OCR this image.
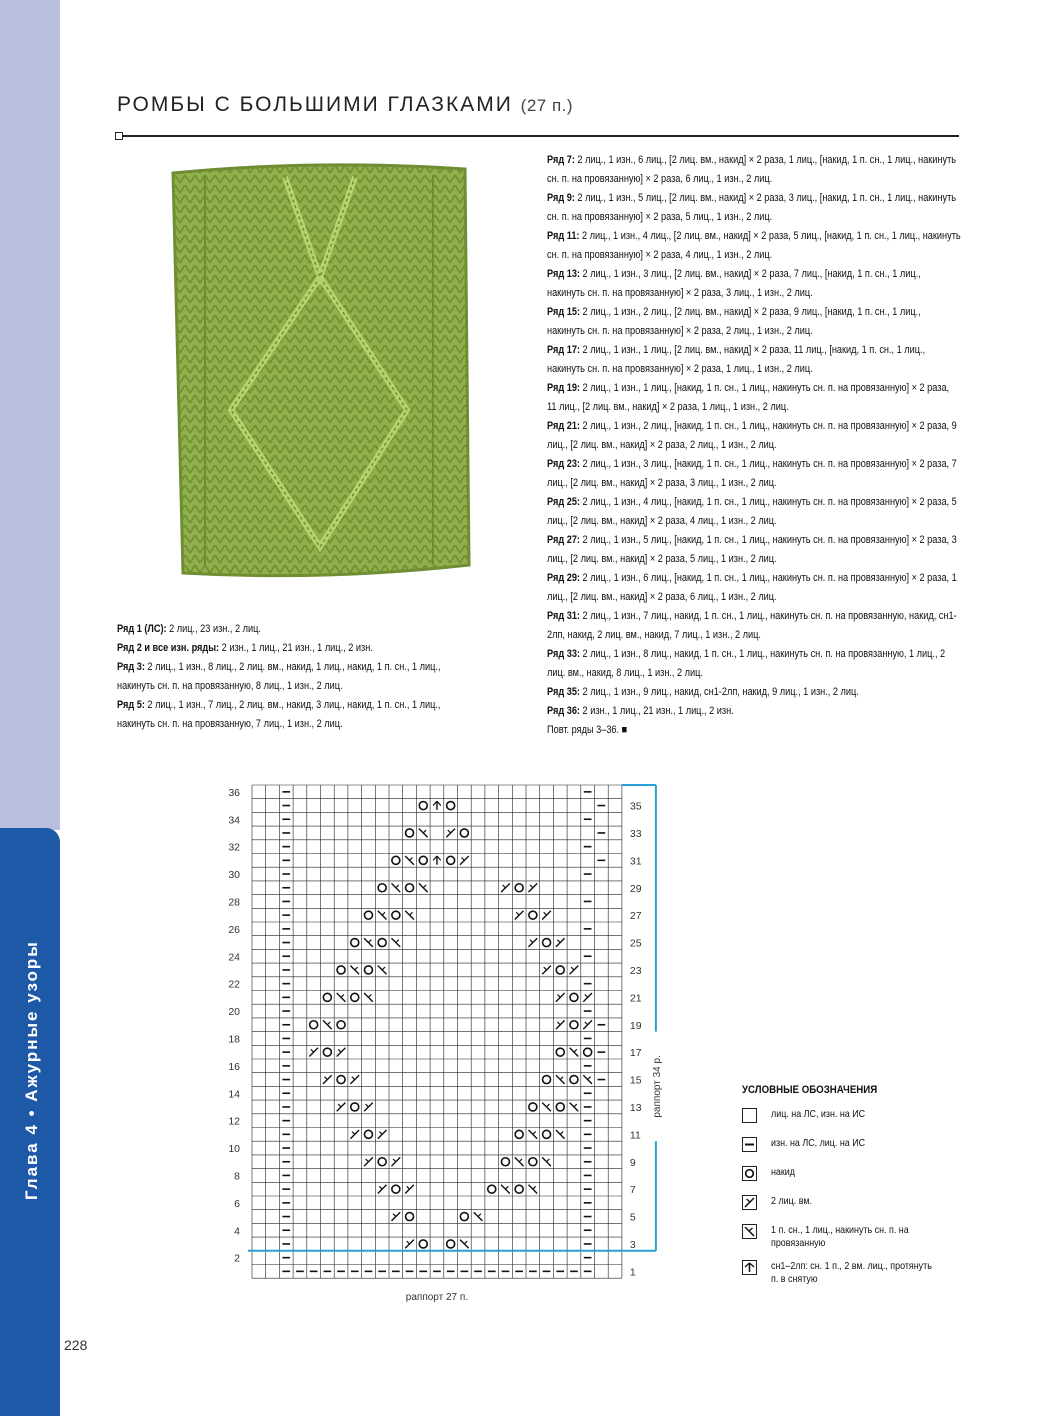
Глава 4 • Ажурные узоры
228
РОМБЫ С БОЛЬШИМИ ГЛАЗКАМИ (27 п.)
Ряд 1 (ЛС): 2 лиц., 23 изн., 2 лиц.
Ряд 2 и все изн. ряды: 2 изн., 1 лиц., 21 изн., 1 лиц., 2 изн.
Ряд 3: 2 лиц., 1 изн., 8 лиц., 2 лиц. вм., накид, 1 лиц., накид, 1 п. сн., 1 лиц., накинуть сн. п. на провязанную, 8 лиц., 1 изн., 2 лиц.
Ряд 5: 2 лиц., 1 изн., 7 лиц., 2 лиц. вм., накид, 3 лиц., накид, 1 п. сн., 1 лиц., накинуть сн. п. на провязанную, 7 лиц., 1 изн., 2 лиц.
Ряд 7: 2 лиц., 1 изн., 6 лиц., [2 лиц. вм., накид] × 2 раза, 1 лиц., [накид, 1 п. сн., 1 лиц., накинуть сн. п. на провязанную] × 2 раза, 6 лиц., 1 изн., 2 лиц.
Ряд 9: 2 лиц., 1 изн., 5 лиц., [2 лиц. вм., накид] × 2 раза, 3 лиц., [накид, 1 п. сн., 1 лиц., накинуть сн. п. на провязанную] × 2 раза, 5 лиц., 1 изн., 2 лиц.
Ряд 11: 2 лиц., 1 изн., 4 лиц., [2 лиц. вм., накид] × 2 раза, 5 лиц., [накид, 1 п. сн., 1 лиц., накинуть сн. п. на провязанную] × 2 раза, 4 лиц., 1 изн., 2 лиц.
Ряд 13: 2 лиц., 1 изн., 3 лиц., [2 лиц. вм., накид] × 2 раза, 7 лиц., [накид, 1 п. сн., 1 лиц., накинуть сн. п. на провязанную] × 2 раза, 3 лиц., 1 изн., 2 лиц.
Ряд 15: 2 лиц., 1 изн., 2 лиц., [2 лиц. вм., накид] × 2 раза, 9 лиц., [накид, 1 п. сн., 1 лиц., накинуть сн. п. на провязанную] × 2 раза, 2 лиц., 1 изн., 2 лиц.
Ряд 17: 2 лиц., 1 изн., 1 лиц., [2 лиц. вм., накид] × 2 раза, 11 лиц., [накид, 1 п. сн., 1 лиц., накинуть сн. п. на провязанную] × 2 раза, 1 лиц., 1 изн., 2 лиц.
Ряд 19: 2 лиц., 1 изн., 1 лиц., [накид, 1 п. сн., 1 лиц., накинуть сн. п. на провязанную] × 2 раза, 11 лиц., [2 лиц. вм., накид] × 2 раза, 1 лиц., 1 изн., 2 лиц.
Ряд 21: 2 лиц., 1 изн., 2 лиц., [накид, 1 п. сн., 1 лиц., накинуть сн. п. на провязанную] × 2 раза, 9 лиц., [2 лиц. вм., накид] × 2 раза, 2 лиц., 1 изн., 2 лиц.
Ряд 23: 2 лиц., 1 изн., 3 лиц., [накид, 1 п. сн., 1 лиц., накинуть сн. п. на провязанную] × 2 раза, 7 лиц., [2 лиц. вм., накид] × 2 раза, 3 лиц., 1 изн., 2 лиц.
Ряд 25: 2 лиц., 1 изн., 4 лиц., [накид, 1 п. сн., 1 лиц., накинуть сн. п. на провязанную] × 2 раза, 5 лиц., [2 лиц. вм., накид] × 2 раза, 4 лиц., 1 изн., 2 лиц.
Ряд 27: 2 лиц., 1 изн., 5 лиц., [накид, 1 п. сн., 1 лиц., накинуть сн. п. на провязанную] × 2 раза, 3 лиц., [2 лиц. вм., накид] × 2 раза, 5 лиц., 1 изн., 2 лиц.
Ряд 29: 2 лиц., 1 изн., 6 лиц., [накид, 1 п. сн., 1 лиц., накинуть сн. п. на провязанную] × 2 раза, 1 лиц., [2 лиц. вм., накид] × 2 раза, 6 лиц., 1 изн., 2 лиц.
Ряд 31: 2 лиц., 1 изн., 7 лиц., накид, 1 п. сн., 1 лиц., накинуть сн. п. на провязанную, накид, сн1-2лп, накид, 2 лиц. вм., накид, 7 лиц., 1 изн., 2 лиц.
Ряд 33: 2 лиц., 1 изн., 8 лиц., накид, 1 п. сн., 1 лиц., накинуть сн. п. на провязанную, 1 лиц., 2 лиц. вм., накид, 8 лиц., 1 изн., 2 лиц.
Ряд 35: 2 лиц., 1 изн., 9 лиц., накид, сн1-2лп, накид, 9 лиц., 1 изн., 2 лиц.
Ряд 36: 2 изн., 1 лиц., 21 изн., 1 лиц., 2 изн.
Повт. ряды 3–36. ■
2
4
6
8
10
12
14
16
18
20
22
24
26
28
30
32
34
36
1
3
5
7
9
11
13
15
17
19
21
23
25
27
29
31
33
35
раппорт 34 р.
раппорт 27 п.
УСЛОВНЫЕ ОБОЗНАЧЕНИЯ
лиц. на ЛС, изн. на ИС
изн. на ЛС, лиц. на ИС
накид
2 лиц. вм.
1 п. сн., 1 лиц., накинуть сн. п. на провязанную
сн1–2лп: сн. 1 п., 2 вм. лиц., протянуть п. в снятую
